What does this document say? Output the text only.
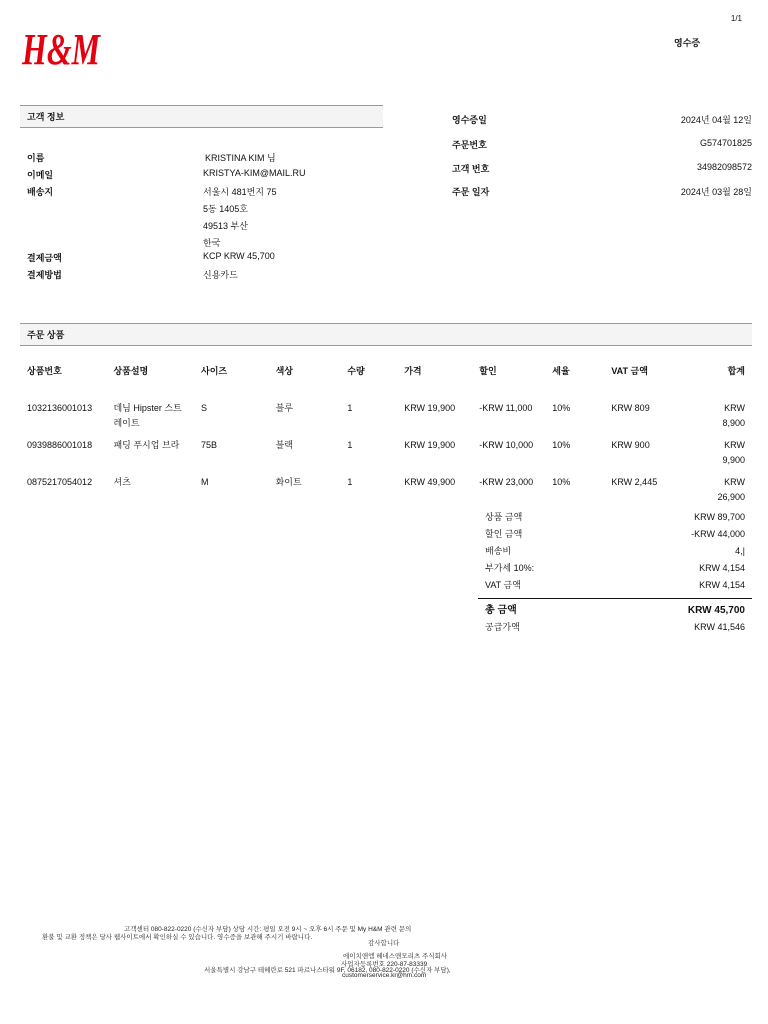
1/1
H&M	영수증
고객 정보
이름	KRISTINA KIM 님
이메일	KRISTYA-KIM@MAIL.RU
배송지	서울시 481번지 75
5동 1405호
49513 부산
한국
결제금액	KCP KRW 45,700
결제방법	신용카드
영수증일	2024년 04월 12일
주문번호	G574701825
고객 번호	34982098572
주문 일자	2024년 03월 28일
주문 상품
상품번호	상품설명	사이즈	색상	수량	가격	할인	세율	VAT 금액	합계
1032136001013	데님 Hipster 스트레이트	S	블루	1	KRW 19,900	-KRW 11,000	10%	KRW 809	KRW 8,900
0939886001018	패딩 푸시업 브라	75B	블랙	1	KRW 19,900	-KRW 10,000	10%	KRW 900	KRW 9,900
0875217054012	셔츠	M	화이트	1	KRW 49,900	-KRW 23,000	10%	KRW 2,445	KRW 26,900
상품 금액	KRW 89,700
할인 금액	-KRW 44,000
배송비	4,|
부가세 10%:	KRW 4,154
VAT 금액	KRW 4,154
총 금액	KRW 45,700
공급가액	KRW 41,546
고객센터 080-822-0220 (수신자 부담) 상담 시간: 평일 오전 9시 ~ 오후 6시 주문 및 My H&M 관련 문의
환불 및 교환 정책은 당사 웹사이트에서 확인하실 수 있습니다. 영수증을 보관해 주시기 바랍니다.
감사합니다
에이치앤엠 헤네스앤모리츠 주식회사
사업자등록번호 220-87-83339
서울특별시 강남구 테헤란로 521 파르나스타워 9F, 06182, 080-822-0220 (수신자 부담),
customerservice.kr@hm.com
